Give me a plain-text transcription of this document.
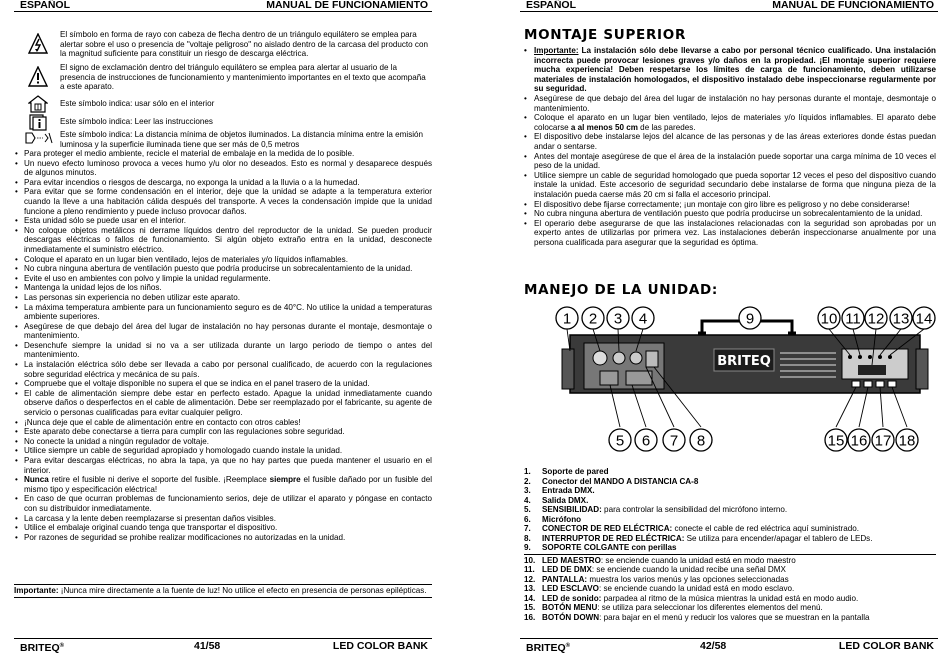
ESPAÑOL	MANUAL DE FUNCIONAMIENTO
El símbolo en forma de rayo con cabeza de flecha dentro de un triángulo equilátero se emplea para alertar sobre el uso o presencia de "voltaje peligroso" no aislado dentro de la carcasa del producto con la magnitud suficiente para constituir un riesgo de descarga eléctrica.
El signo de exclamación dentro del triángulo equilátero se emplea para alertar al usuario de la presencia de instrucciones de funcionamiento y mantenimiento importantes en el texto que acompaña a este aparato.
Este símbolo indica: usar sólo en el interior
Este símbolo indica: Leer las instrucciones
Este símbolo indica: La distancia mínima de objetos iluminados. La distancia mínima entre la emisión luminosa y la superficie iluminada tiene que ser más de 0,5 metros
• Para proteger el medio ambiente, recicle el material de embalaje en la medida de lo posible.
• Un nuevo efecto luminoso provoca a veces humo y/u olor no deseados. Esto es normal y desaparece después de algunos minutos.
• Para evitar incendios o riesgos de descarga, no exponga la unidad a la lluvia o a la humedad.
• Para evitar que se forme condensación en el interior, deje que la unidad se adapte a la temperatura exterior cuando la lleve a una habitación cálida después del transporte. A veces la condensación impide que la unidad funcione a pleno rendimiento y puede incluso provocar daños.
• Esta unidad sólo se puede usar en el interior.
• No coloque objetos metálicos ni derrame líquidos dentro del reproductor de la unidad. Se pueden producir descargas eléctricas o fallos de funcionamiento. Si algún objeto extraño entra en la unidad, desconecte inmediatamente el suministro eléctrico.
• Coloque el aparato en un lugar bien ventilado, lejos de materiales y/o líquidos inflamables.
• No cubra ninguna abertura de ventilación puesto que podría producirse un sobrecalentamiento de la unidad.
• Evite el uso en ambientes con polvo y limpie la unidad regularmente.
• Mantenga la unidad lejos de los niños.
• Las personas sin experiencia no deben utilizar este aparato.
• La máxima temperatura ambiente para un funcionamiento seguro es de 40°C. No utilice la unidad a temperaturas ambiente superiores.
• Asegúrese de que debajo del área del lugar de instalación no hay personas durante el montaje, desmontaje o mantenimiento.
• Desenchufe siempre la unidad si no va a ser utilizada durante un largo periodo de tiempo o antes del mantenimiento.
• La instalación eléctrica sólo debe ser llevada a cabo por personal cualificado, de acuerdo con la regulaciones sobre seguridad eléctrica y mecánica de su país.
• Compruebe que el voltaje disponible no supera el que se indica en el panel trasero de la unidad.
• El cable de alimentación siempre debe estar en perfecto estado. Apague la unidad inmediatamente cuando observe daños o desperfectos en el cable de alimentación. Debe ser reemplazado por el fabricante, su agente de servicio o personas cualificadas para evitar cualquier peligro.
• ¡Nunca deje que el cable de alimentación entre en contacto con otros cables!
• Este aparato debe conectarse a tierra para cumplir con las regulaciones sobre seguridad.
• No conecte la unidad a ningún regulador de voltaje.
• Utilice siempre un cable de seguridad apropiado y homologado cuando instale la unidad.
• Para evitar descargas eléctricas, no abra la tapa, ya que no hay partes que pueda mantener el usuario en el interior.
• Nunca retire el fusible ni derive el soporte del fusible. ¡Reemplace siempre el fusible dañado por un fusible del mismo tipo y especificación eléctrica!
• En caso de que ocurran problemas de funcionamiento serios, deje de utilizar el aparato y póngase en contacto con su distribuidor inmediatamente.
• La carcasa y la lente deben reemplazarse si presentan daños visibles.
• Utilice el embalaje original cuando tenga que transportar el dispositivo.
• Por razones de seguridad se prohibe realizar modificaciones no autorizadas en la unidad.
Importante: ¡Nunca mire directamente a la fuente de luz! No utilice el efecto en presencia de personas epilépticas.
BRITEQ®	41/58	LED COLOR BANK
ESPAÑOL	MANUAL DE FUNCIONAMIENTO
MONTAJE SUPERIOR
• Importante: La instalación sólo debe llevarse a cabo por personal técnico cualificado. Una instalación incorrecta puede provocar lesiones graves y/o daños en la propiedad. ¡El montaje superior requiere mucha experiencia! Deben respetarse los límites de carga de funcionamiento, deben utilizarse materiales de instalación homologados, el dispositivo instalado debe inspeccionarse regularmente por su seguridad.
• Asegúrese de que debajo del área del lugar de instalación no hay personas durante el montaje, desmontaje o mantenimiento.
• Coloque el aparato en un lugar bien ventilado, lejos de materiales y/o líquidos inflamables. El aparato debe colocarse a al menos 50 cm de las paredes.
• El dispositivo debe instalarse lejos del alcance de las personas y de las áreas exteriores donde éstas puedan andar o sentarse.
• Antes del montaje asegúrese de que el área de la instalación puede soportar una carga mínima de 10 veces el peso de la unidad.
• Utilice siempre un cable de seguridad homologado que pueda soportar 12 veces el peso del dispositivo cuando instale la unidad. Este accesorio de seguridad secundario debe instalarse de forma que ninguna pieza de la instalación pueda caerse más 20 cm si falla el accesorio principal.
• El dispositivo debe fijarse correctamente; ¡un montaje con giro libre es peligroso y no debe considerarse!
• No cubra ninguna abertura de ventilación puesto que podría producirse un sobrecalentamiento de la unidad.
• El operario debe asegurarse de que las instalaciones relacionadas con la seguridad son aprobadas por un experto antes de utilizarlas por primera vez. Las instalaciones deberán inspeccionarse anualmente por una persona cualificada para asegurar que la seguridad es óptima.
MANEJO DE LA UNIDAD:
BRITEQ
1 2 3 4	9	10 11 12 13 14
5 6 7 8	15 16 17 18
1. Soporte de pared
2. Conector del MANDO A DISTANCIA CA-8
3. Entrada DMX.
4. Salida DMX.
5. SENSIBILIDAD: para controlar la sensibilidad del micrófono interno.
6. Micrófono
7. CONECTOR DE RED ELÉCTRICA: conecte el cable de red eléctrica aquí suministrado.
8. INTERRUPTOR DE RED ELÉCTRICA: Se utiliza para encender/apagar el tablero de LEDs.
9. SOPORTE COLGANTE con perillas
10. LED MAESTRO: se enciende cuando la unidad está en modo maestro
11. LED DE DMX: se enciende cuando la unidad recibe una señal DMX
12. PANTALLA: muestra los varios menús y las opciones seleccionadas
13. LED ESCLAVO: se enciende cuando la unidad está en modo esclavo.
14. LED de sonido: parpadea al ritmo de la música mientras la unidad está en modo audio.
15. BOTÓN MENU: se utiliza para seleccionar los diferentes elementos del menú.
16. BOTÓN DOWN: para bajar en el menú y reducir los valores que se muestran en la pantalla
BRITEQ®	42/58	LED COLOR BANK
